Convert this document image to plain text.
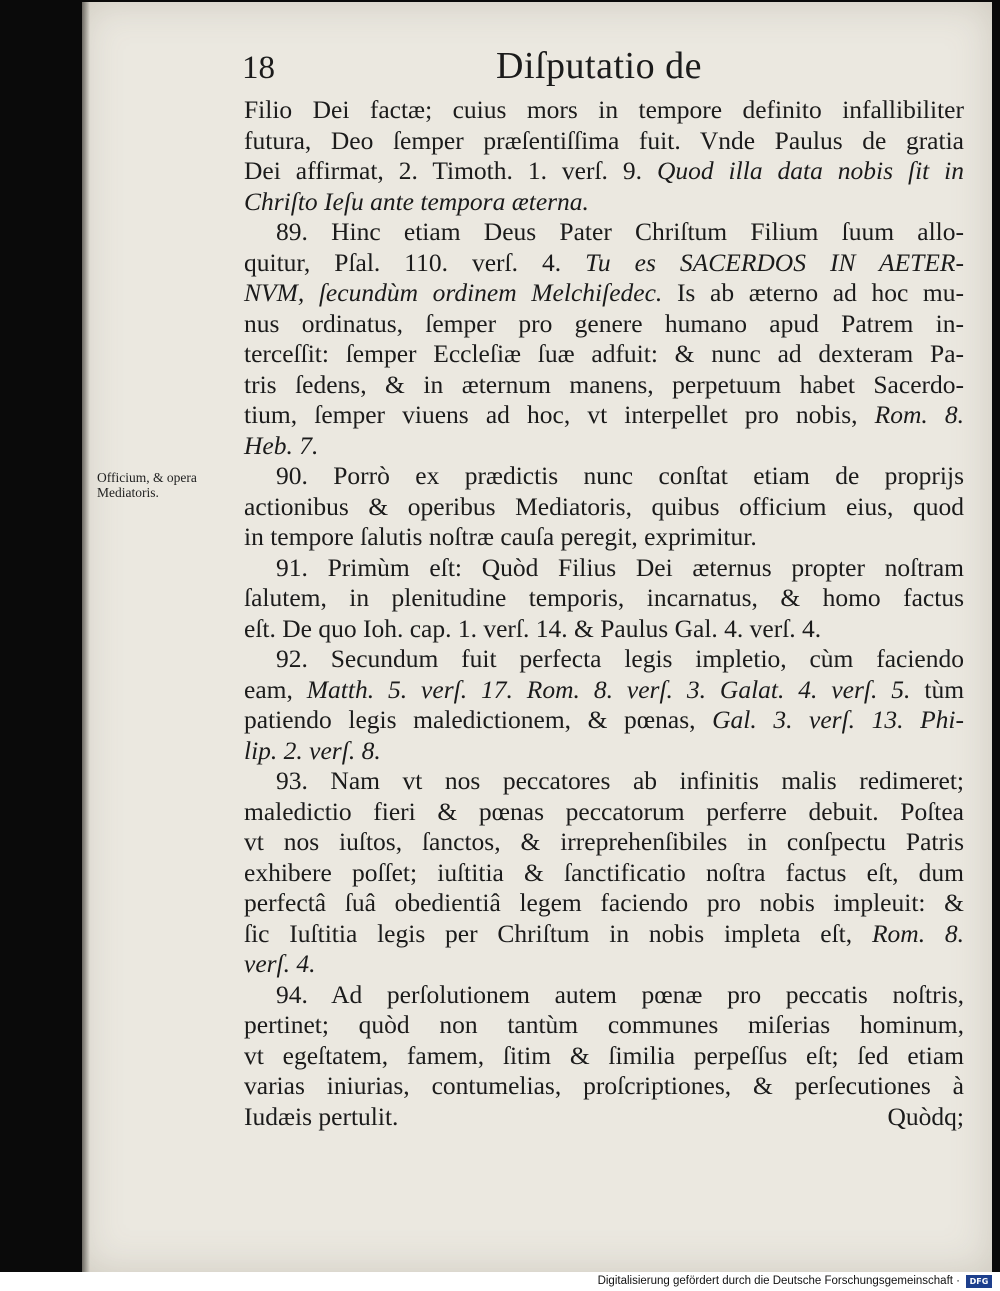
18	Diſputatio de
Officium, & opera
Mediatoris.
Filio Dei factæ; cuius mors in tempore definito infallibiliter
futura, Deo ſemper præſentiſſima fuit. Vnde Paulus de gratia
Dei affirmat, 2. Timoth. 1. verſ. 9. Quod illa data nobis ſit in
Chriſto Ieſu ante tempora æterna.
89. Hinc etiam Deus Pater Chriſtum Filium ſuum allo-
quitur, Pſal. 110. verſ. 4. Tu es SACERDOS IN AETER-
NVM, ſecundùm ordinem Melchiſedec. Is ab æterno ad hoc mu-
nus ordinatus, ſemper pro genere humano apud Patrem in-
terceſſit: ſemper Eccleſiæ ſuæ adfuit: & nunc ad dexteram Pa-
tris ſedens, & in æternum manens, perpetuum habet Sacerdo-
tium, ſemper viuens ad hoc, vt interpellet pro nobis, Rom. 8.
Heb. 7.
90. Porrò ex prædictis nunc conſtat etiam de proprijs
actionibus & operibus Mediatoris, quibus officium eius, quod
in tempore ſalutis noſtræ cauſa peregit, exprimitur.
91. Primùm eſt: Quòd Filius Dei æternus propter noſtram
ſalutem, in plenitudine temporis, incarnatus, & homo factus
eſt. De quo Ioh. cap. 1. verſ. 14. & Paulus Gal. 4. verſ. 4.
92. Secundum fuit perfecta legis impletio, cùm faciendo
eam, Matth. 5. verſ. 17. Rom. 8. verſ. 3. Galat. 4. verſ. 5. tùm
patiendo legis maledictionem, & pœnas, Gal. 3. verſ. 13. Phi-
lip. 2. verſ. 8.
93. Nam vt nos peccatores ab infinitis malis redimeret;
maledictio fieri & pœnas peccatorum perferre debuit. Poſtea
vt nos iuſtos, ſanctos, & irreprehenſibiles in conſpectu Patris
exhibere poſſet; iuſtitia & ſanctificatio noſtra factus eſt, dum
perfectâ ſuâ obedientiâ legem faciendo pro nobis impleuit: &
ſic Iuſtitia legis per Chriſtum in nobis impleta eſt, Rom. 8.
verſ. 4.
94. Ad perſolutionem autem pœnæ pro peccatis noſtris,
pertinet; quòd non tantùm communes miſerias hominum,
vt egeſtatem, famem, ſitim & ſimilia perpeſſus eſt; ſed etiam
varias iniurias, contumelias, proſcriptiones, & perſecutiones à
Iudæis pertulit.	Quòdq;
Digitalisierung gefördert durch die Deutsche Forschungsgemeinschaft ·	DFG
